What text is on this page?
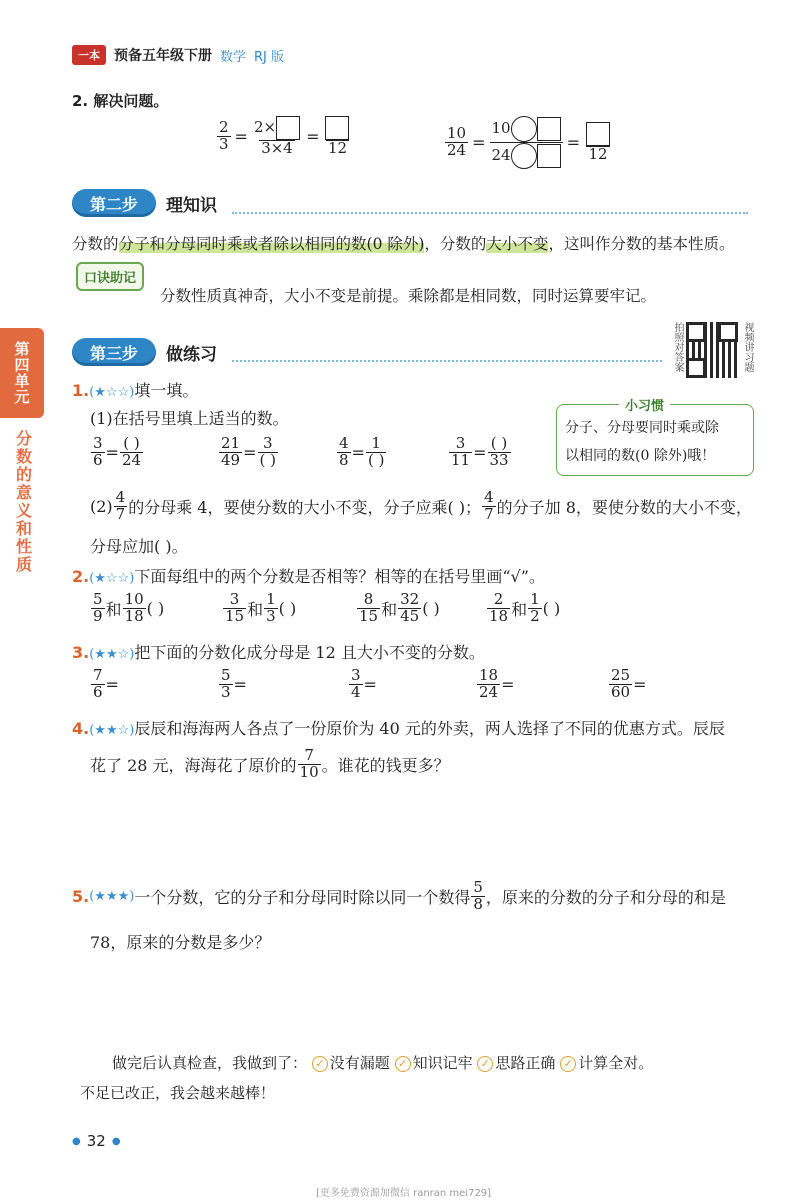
一本	预备五年级下册 数学 RJ 版
第四单元
分数的意义和性质
2. 解决问题。
$\frac{2}{3} = \frac{2\times}{3\times 4}$ =
12	$\frac{10}{24} = \frac{10}{24}$ =
12
第二步	理知识
分数的分子和分母同时乘或者除以相同的数(0 除外)，分数的大小不变，这叫作分数的基本性质。
口诀助记
分数性质真神奇，大小不变是前提。乘除都是相同数，同时运算要牢记。
第三步	做练习	拍照对答案	视频讲习题
小习惯
分子、分母要同时乘或除
以相同的数(0 除外)哦！
1.(★☆☆)填一填。
(1)在括号里填上适当的数。
$\frac{3}{6} = \frac{( )}{24}$	$\frac{21}{49} = \frac{3}{( )}$	$\frac{4}{8} = \frac{1}{( )}$	$\frac{3}{11} = \frac{( )}{33}$
$(2) \frac{4}{7}$ 的分母乘 4，要使分数的大小不变，分子应乘( )； $\frac{4}{7}$ 的分子加 8，要使分数的大小不变，
分母应加( )。
2.(★☆☆)下面每组中的两个分数是否相等？相等的在括号里画“√”。
$\frac{5}{9}$ 和 $\frac{10}{18}$ ( )	$\frac{3}{15}$ 和 $\frac{1}{3}$ ( )	$\frac{8}{15}$ 和 $\frac{32}{45}$ ( )	$\frac{2}{18}$ 和 $\frac{1}{2}$ ( )
3.(★★☆)把下面的分数化成分母是 12 且大小不变的分数。
$\frac{7}{6}$ =	$\frac{5}{3}$ =	$\frac{3}{4}$ =	$\frac{18}{24}$ =	$\frac{25}{60}$ =
4.(★★☆)辰辰和海海两人各点了一份原价为 40 元的外卖，两人选择了不同的优惠方式。辰辰
花了 28 元，海海花了原价的 $\frac{7}{10}$ 。谁花的钱更多？
5. (★★★) 一个分数，它的分子和分母同时除以同一个数得 $\frac{5}{8}$ ，原来的分数的分子和分母的和是
78，原来的分数是多少？
做完后认真检查，我做到了： ✓ 没有漏题 ✓ 知识记牢 ✓ 思路正确 ✓ 计算全对。
不足已改正，我会越来越棒！
● 32 ●
[更多免费资源加微信 ranran mei729]
